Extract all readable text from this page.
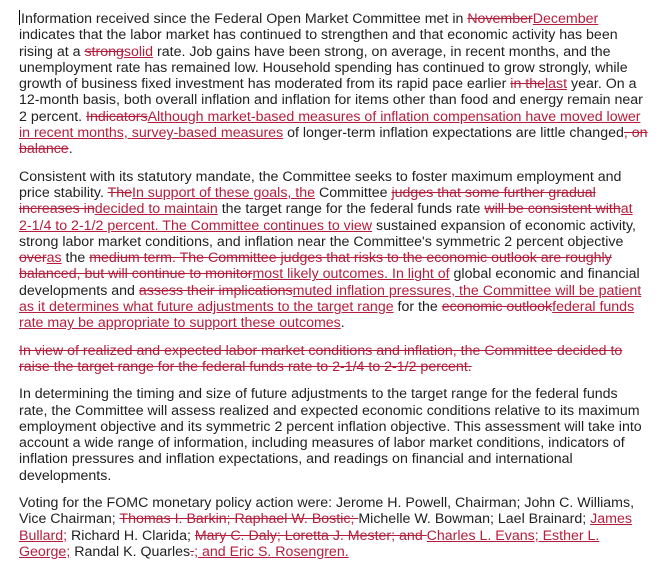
Information received since the Federal Open Market Committee met in NovemberDecember indicates that the labor market has continued to strengthen and that economic activity has been rising at a strongsolid rate. Job gains have been strong, on average, in recent months, and the unemployment rate has remained low. Household spending has continued to grow strongly, while growth of business fixed investment has moderated from its rapid pace earlier in thelast year. On a 12-month basis, both overall inflation and inflation for items other than food and energy remain near 2 percent. IndicatorsAlthough market-based measures of inflation compensation have moved lower in recent months, survey-based measures of longer-term inflation expectations are little changed, on balance.

Consistent with its statutory mandate, the Committee seeks to foster maximum employment and price stability. TheIn support of these goals, the Committee judges that some further gradual increases indecided to maintain the target range for the federal funds rate will be consistent withat 2-1/4 to 2-1/2 percent. The Committee continues to view sustained expansion of economic activity, strong labor market conditions, and inflation near the Committee's symmetric 2 percent objective overas the medium term. The Committee judges that risks to the economic outlook are roughly balanced, but will continue to monitormost likely outcomes. In light of global economic and financial developments and assess their implicationsmuted inflation pressures, the Committee will be patient as it determines what future adjustments to the target range for the economic outlookfederal funds rate may be appropriate to support these outcomes.

In view of realized and expected labor market conditions and inflation, the Committee decided to raise the target range for the federal funds rate to 2-1/4 to 2-1/2 percent.

In determining the timing and size of future adjustments to the target range for the federal funds rate, the Committee will assess realized and expected economic conditions relative to its maximum employment objective and its symmetric 2 percent inflation objective. This assessment will take into account a wide range of information, including measures of labor market conditions, indicators of inflation pressures and inflation expectations, and readings on financial and international developments.

Voting for the FOMC monetary policy action were: Jerome H. Powell, Chairman; John C. Williams, Vice Chairman; Thomas I. Barkin; Raphael W. Bostic; Michelle W. Bowman; Lael Brainard; James Bullard; Richard H. Clarida; Mary C. Daly; Loretta J. Mester; and Charles L. Evans; Esther L. George; Randal K. Quarles.; and Eric S. Rosengren.
